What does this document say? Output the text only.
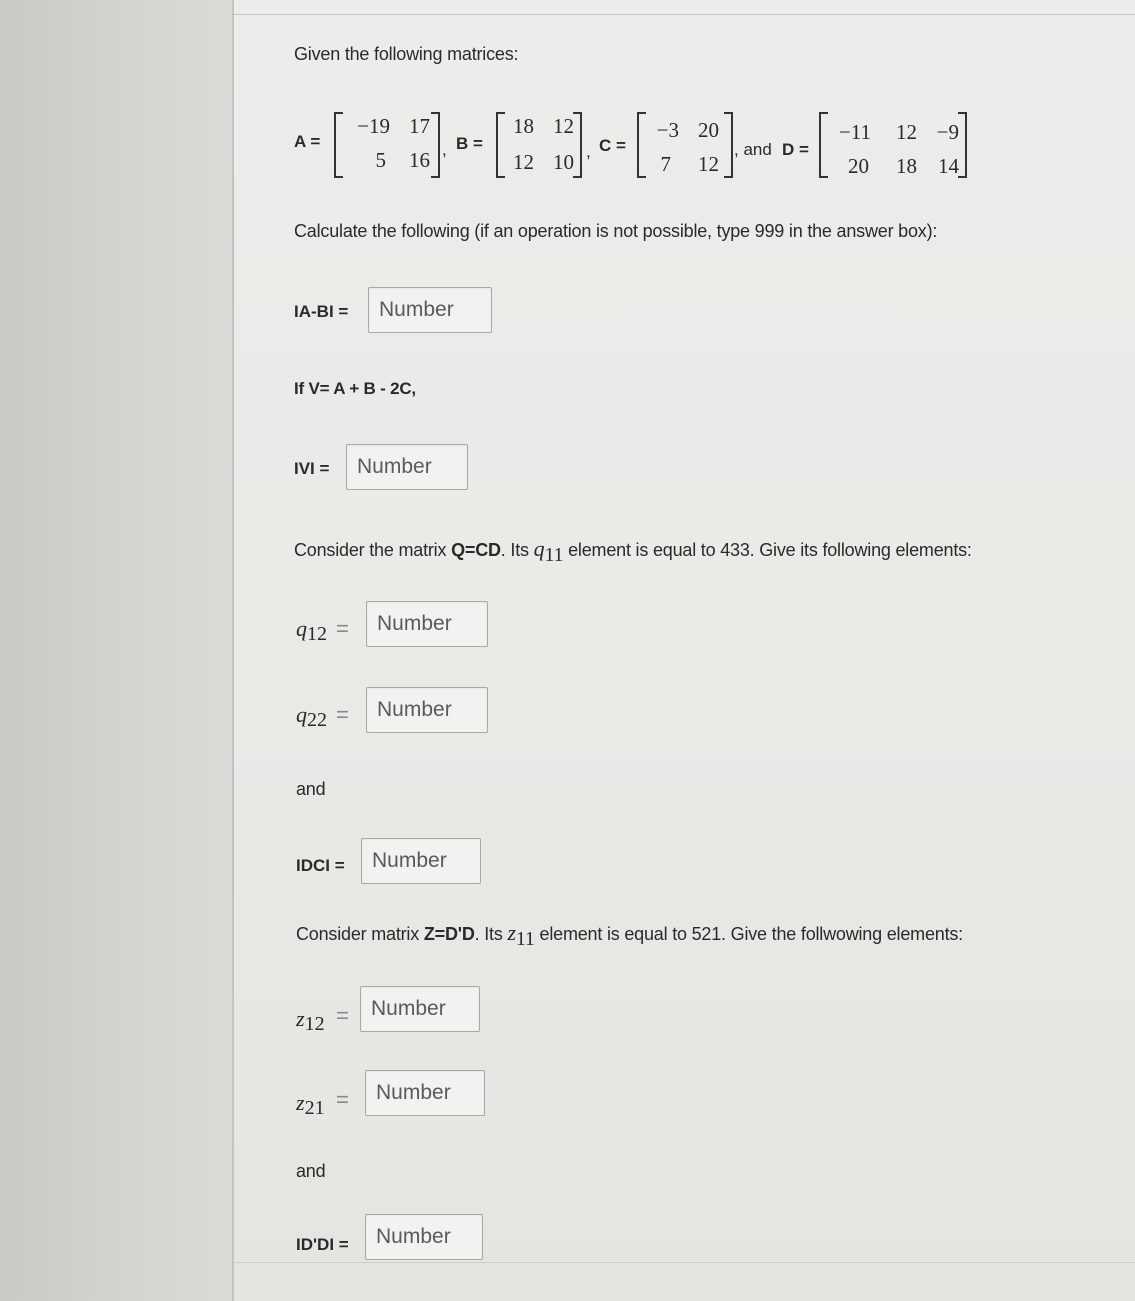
Given the following matrices:
A =
−19 17
5	16 , B =
18 12
12 10 , C =
−3 20
7	12
, and D =
−11	12 −9
20	18	14
Calculate the following (if an operation is not possible, type 999 in the answer box):
IA-BI =	Number
If V= A + B - 2C,
IVI =	Number
Consider the matrix Q=CD. Its $q_{11}$ element is equal to 433. Give its following elements:
$q_{12}$ =	Number
$q_{22}$ =	Number
and
IDCI =	Number
Consider matrix Z=D'D. Its $z_{11}$ element is equal to 521. Give the follwowing elements:
$z_{12}$ =	Number
$z_{21}$ =	Number
and
ID'DI =	Number
